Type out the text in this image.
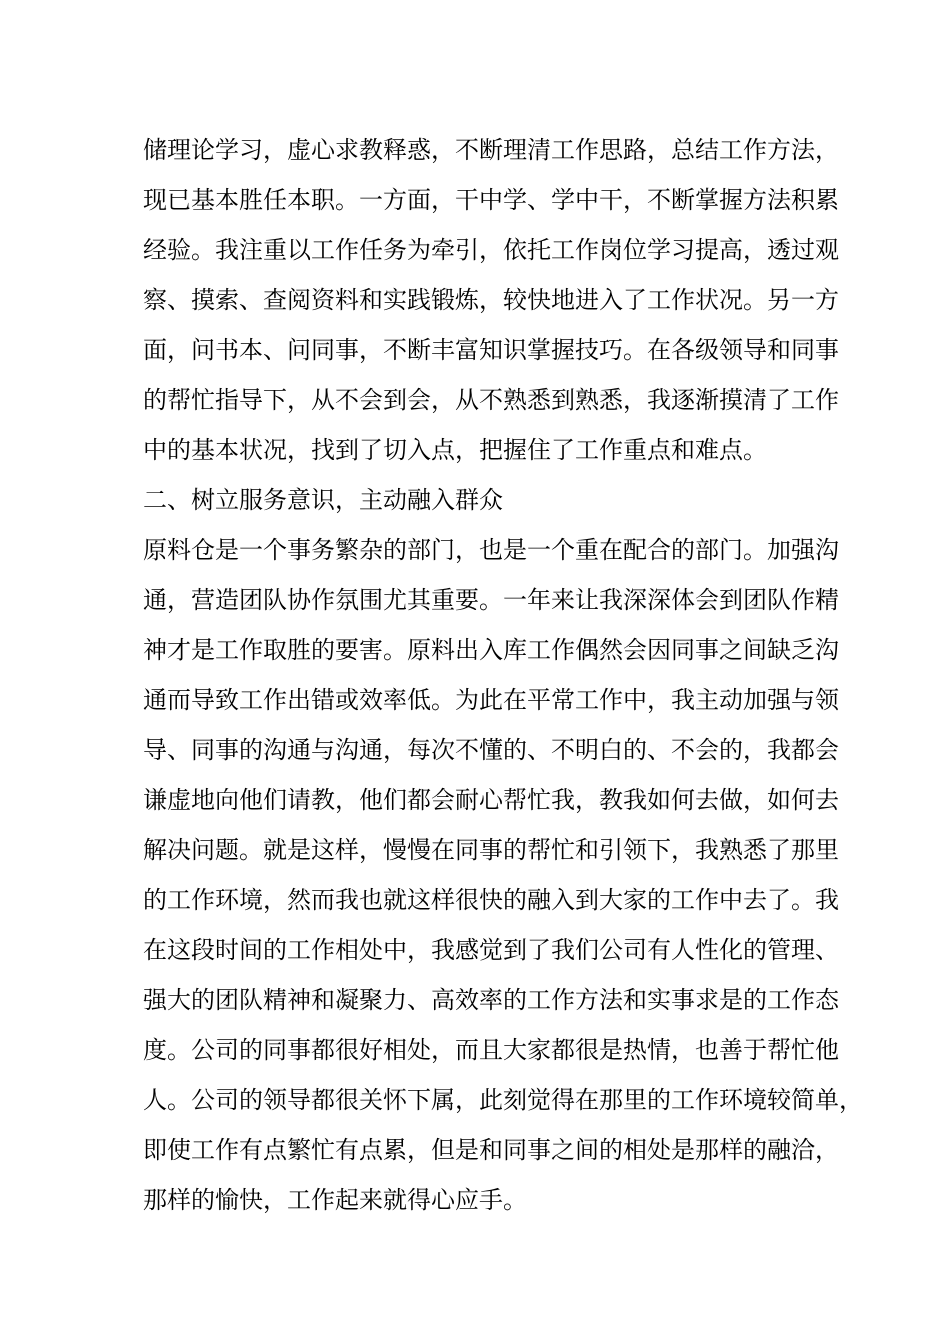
储理论学习，虚心求教释惑，不断理清工作思路，总结工作方法，
现已基本胜任本职。一方面，干中学、学中干，不断掌握方法积累
经验。我注重以工作任务为牵引，依托工作岗位学习提高，透过观
察、摸索、查阅资料和实践锻炼，较快地进入了工作状况。另一方
面，问书本、问同事，不断丰富知识掌握技巧。在各级领导和同事
的帮忙指导下，从不会到会，从不熟悉到熟悉，我逐渐摸清了工作
中的基本状况，找到了切入点，把握住了工作重点和难点。
二、树立服务意识，主动融入群众
原料仓是一个事务繁杂的部门，也是一个重在配合的部门。加强沟
通，营造团队协作氛围尤其重要。一年来让我深深体会到团队作精
神才是工作取胜的要害。原料出入库工作偶然会因同事之间缺乏沟
通而导致工作出错或效率低。为此在平常工作中，我主动加强与领
导、同事的沟通与沟通，每次不懂的、不明白的、不会的，我都会
谦虚地向他们请教，他们都会耐心帮忙我，教我如何去做，如何去
解决问题。就是这样，慢慢在同事的帮忙和引领下，我熟悉了那里
的工作环境，然而我也就这样很快的融入到大家的工作中去了。我
在这段时间的工作相处中，我感觉到了我们公司有人性化的管理、
强大的团队精神和凝聚力、高效率的工作方法和实事求是的工作态
度。公司的同事都很好相处，而且大家都很是热情，也善于帮忙他
人。公司的领导都很关怀下属，此刻觉得在那里的工作环境较简单，
即使工作有点繁忙有点累，但是和同事之间的相处是那样的融洽，
那样的愉快，工作起来就得心应手。
